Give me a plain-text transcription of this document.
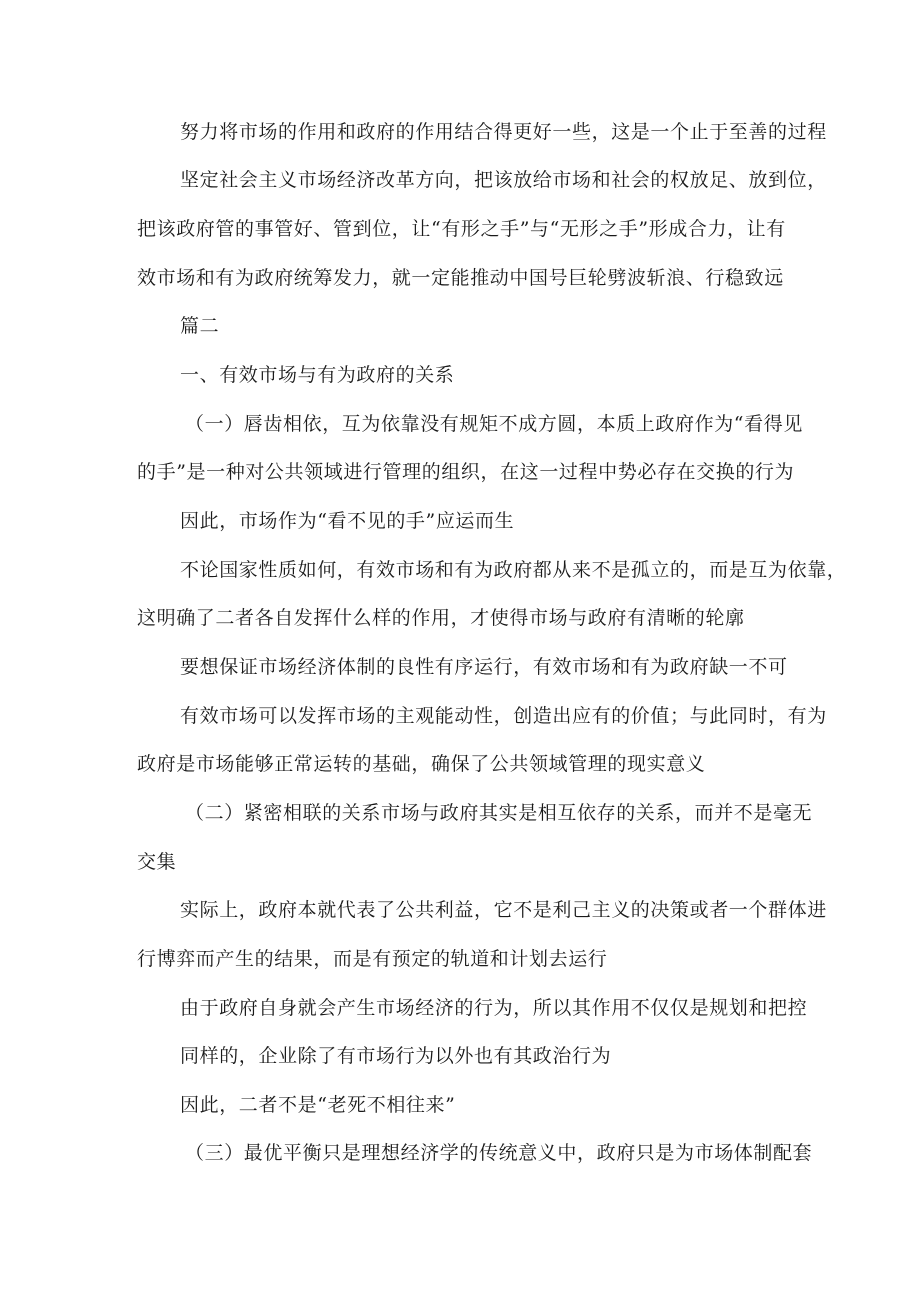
努力将市场的作用和政府的作用结合得更好一些，这是一个止于至善的过程
坚定社会主义市场经济改革方向，把该放给市场和社会的权放足、放到位，
把该政府管的事管好、管到位，让“有形之手”与“无形之手”形成合力，让有
效市场和有为政府统筹发力，就一定能推动中国号巨轮劈波斩浪、行稳致远
篇二
一、有效市场与有为政府的关系
（一）唇齿相依，互为依靠没有规矩不成方圆，本质上政府作为“看得见
的手”是一种对公共领域进行管理的组织，在这一过程中势必存在交换的行为
因此，市场作为“看不见的手”应运而生
不论国家性质如何，有效市场和有为政府都从来不是孤立的，而是互为依靠，
这明确了二者各自发挥什么样的作用，才使得市场与政府有清晰的轮廓
要想保证市场经济体制的良性有序运行，有效市场和有为政府缺一不可
有效市场可以发挥市场的主观能动性，创造出应有的价值；与此同时，有为
政府是市场能够正常运转的基础，确保了公共领域管理的现实意义
（二）紧密相联的关系市场与政府其实是相互依存的关系，而并不是毫无
交集
实际上，政府本就代表了公共利益，它不是利己主义的决策或者一个群体进
行博弈而产生的结果，而是有预定的轨道和计划去运行
由于政府自身就会产生市场经济的行为，所以其作用不仅仅是规划和把控
同样的，企业除了有市场行为以外也有其政治行为
因此，二者不是“老死不相往来”
（三）最优平衡只是理想经济学的传统意义中，政府只是为市场体制配套
